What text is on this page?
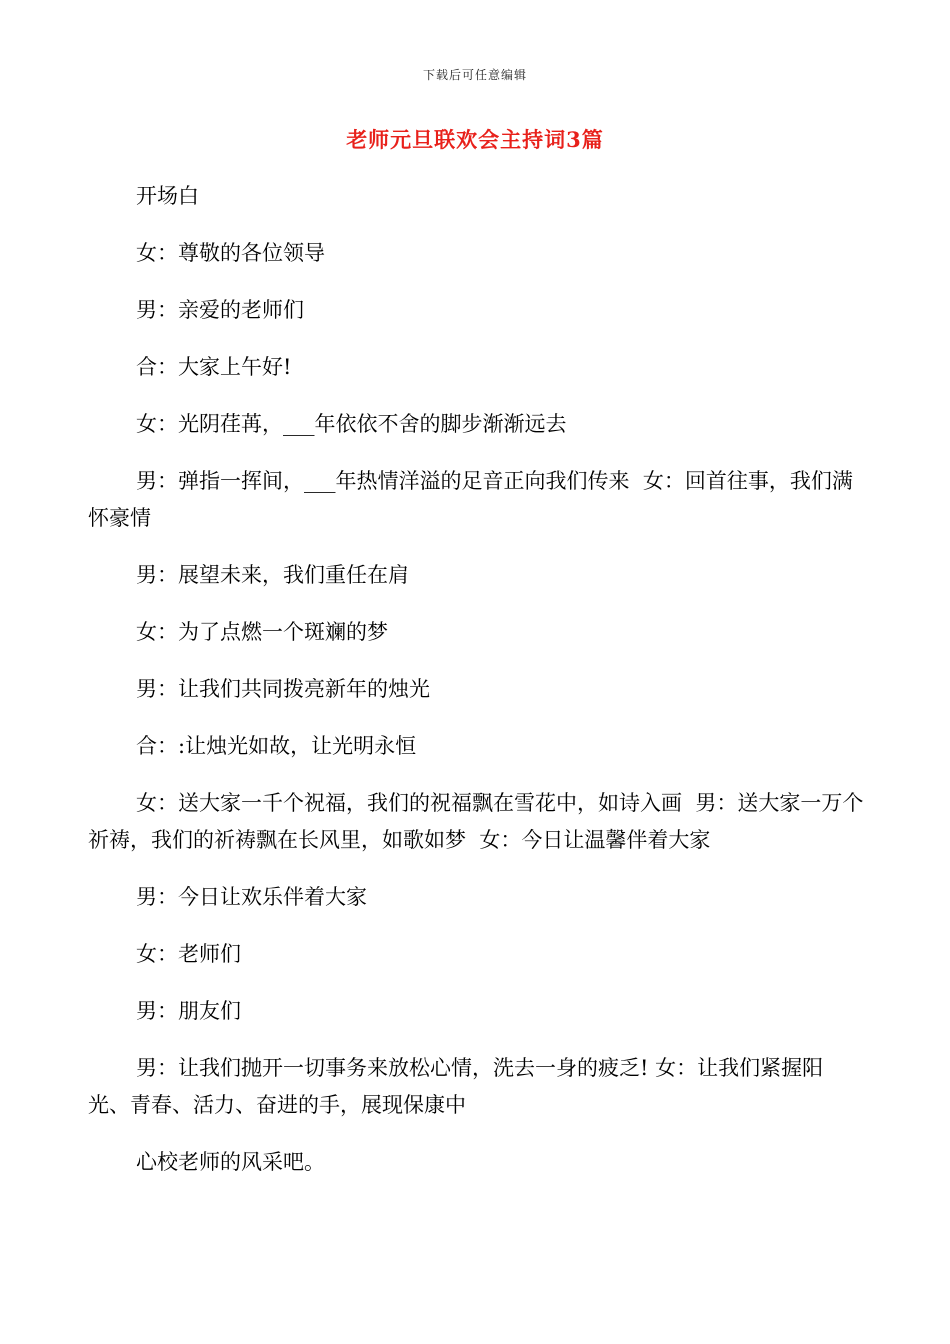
下载后可任意编辑
老师元旦联欢会主持词3篇

开场白

女：尊敬的各位领导

男：亲爱的老师们

合：大家上午好!

女：光阴荏苒，___年依依不舍的脚步渐渐远去

男：弹指一挥间，___年热情洋溢的足音正向我们传来  女：回首往事，我们满怀豪情

男：展望未来，我们重任在肩

女：为了点燃一个斑斓的梦

男：让我们共同拨亮新年的烛光

合：:让烛光如故，让光明永恒

女：送大家一千个祝福，我们的祝福飘在雪花中，如诗入画  男：送大家一万个祈祷，我们的祈祷飘在长风里，如歌如梦  女：今日让温馨伴着大家

男：今日让欢乐伴着大家

女：老师们

男：朋友们

男：让我们抛开一切事务来放松心情，洗去一身的疲乏! 女：让我们紧握阳光、青春、活力、奋进的手，展现保康中

心校老师的风采吧。
